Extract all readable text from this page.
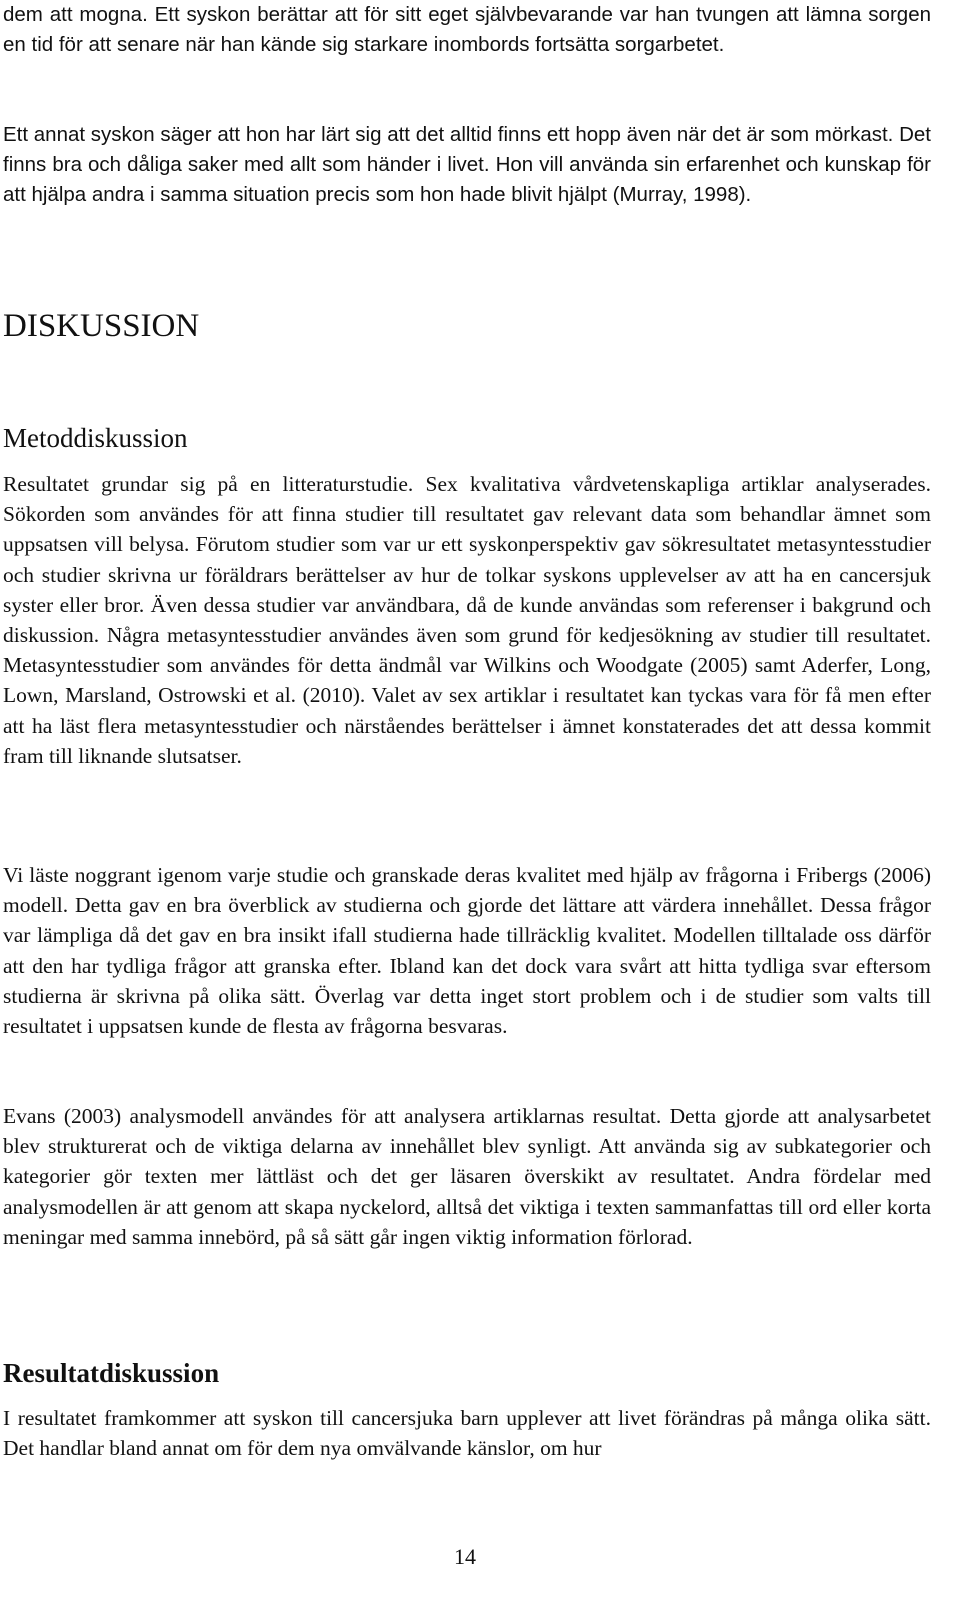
dem att mogna. Ett syskon berättar att för sitt eget självbevarande var han tvungen att lämna sorgen en tid för att senare när han kände sig starkare inombords fortsätta sorgarbetet.

Ett annat syskon säger att hon har lärt sig att det alltid finns ett hopp även när det är som mörkast. Det finns bra och dåliga saker med allt som händer i livet. Hon vill använda sin erfarenhet och kunskap för att hjälpa andra i samma situation precis som hon hade blivit hjälpt (Murray, 1998).

DISKUSSION
Metoddiskussion

Resultatet grundar sig på en litteraturstudie. Sex kvalitativa vårdvetenskapliga artiklar analyserades. Sökorden som användes för att finna studier till resultatet gav relevant data som behandlar ämnet som uppsatsen vill belysa. Förutom studier som var ur ett syskonperspektiv gav sökresultatet metasyntesstudier och studier skrivna ur föräldrars berättelser av hur de tolkar syskons upplevelser av att ha en cancersjuk syster eller bror. Även dessa studier var användbara, då de kunde användas som referenser i bakgrund och diskussion. Några metasyntesstudier användes även som grund för kedjesökning av studier till resultatet. Metasyntesstudier som användes för detta ändmål var Wilkins och Woodgate (2005) samt Aderfer, Long, Lown, Marsland, Ostrowski et al. (2010). Valet av sex artiklar i resultatet kan tyckas vara för få men efter att ha läst flera metasyntesstudier och närståendes berättelser i ämnet konstaterades det att dessa kommit fram till liknande slutsatser.

Vi läste noggrant igenom varje studie och granskade deras kvalitet med hjälp av frågorna i Fribergs (2006) modell. Detta gav en bra överblick av studierna och gjorde det lättare att värdera innehållet. Dessa frågor var lämpliga då det gav en bra insikt ifall studierna hade tillräcklig kvalitet. Modellen tilltalade oss därför att den har tydliga frågor att granska efter. Ibland kan det dock vara svårt att hitta tydliga svar eftersom studierna är skrivna på olika sätt. Överlag var detta inget stort problem och i de studier som valts till resultatet i uppsatsen kunde de flesta av frågorna besvaras.

Evans (2003) analysmodell användes för att analysera artiklarnas resultat. Detta gjorde att analysarbetet blev strukturerat och de viktiga delarna av innehållet blev synligt. Att använda sig av subkategorier och kategorier gör texten mer lättläst och det ger läsaren överskikt av resultatet. Andra fördelar med analysmodellen är att genom att skapa nyckelord, alltså det viktiga i texten sammanfattas till ord eller korta meningar med samma innebörd, på så sätt går ingen viktig information förlorad.

Resultatdiskussion

I resultatet framkommer att syskon till cancersjuka barn upplever att livet förändras på många olika sätt. Det handlar bland annat om för dem nya omvälvande känslor, om hur

14
